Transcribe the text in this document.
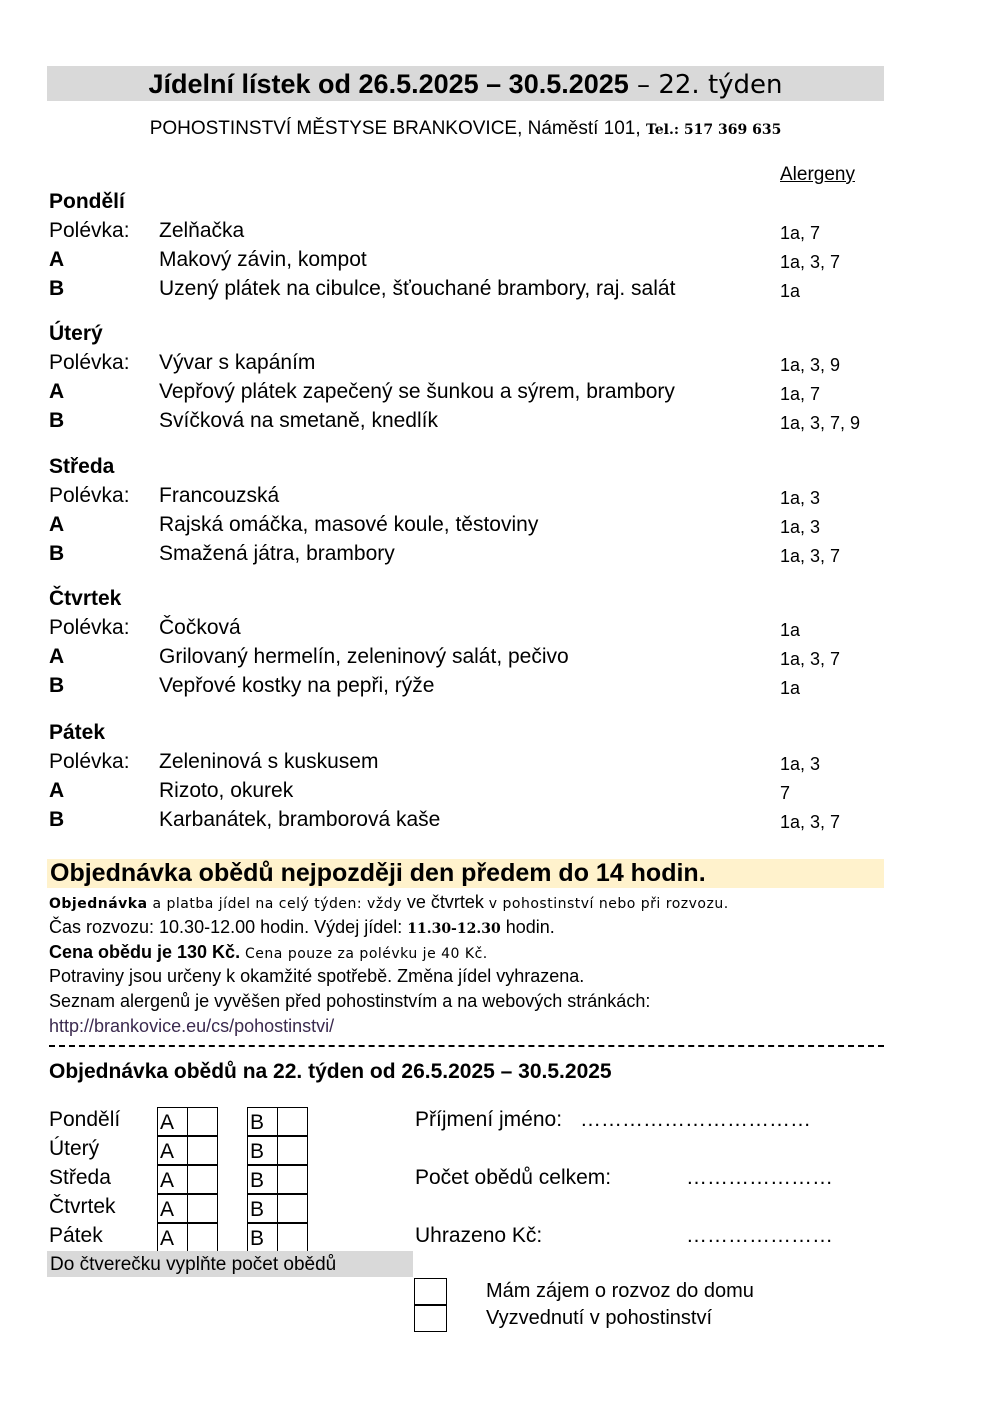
Jídelní lístek od 26.5.2025 – 30.5.2025 – 22. týden
POHOSTINSTVÍ MĚSTYSE BRANKOVICE, Náměstí 101, Tel.: 517 369 635
Alergeny
Pondělí
Polévka: Zelňačka	1a, 7
A	Makový závin, kompot	1a, 3, 7
B	Uzený plátek na cibulce, šťouchané brambory, raj. salát	1a
Úterý
Polévka: Vývar s kapáním	1a, 3, 9
A	Vepřový plátek zapečený se šunkou a sýrem, brambory	1a, 7
B	Svíčková na smetaně, knedlík	1a, 3, 7, 9
Středa
Polévka: Francouzská	1a, 3
A	Rajská omáčka, masové koule, těstoviny	1a, 3
B	Smažená játra, brambory	1a, 3, 7
Čtvrtek
Polévka: Čočková	1a
A	Grilovaný hermelín, zeleninový salát, pečivo	1a, 3, 7
B	Vepřové kostky na pepři, rýže	1a
Pátek
Polévka: Zeleninová s kuskusem	1a, 3
A	Rizoto, okurek	7
B	Karbanátek, bramborová kaše	1a, 3, 7
Objednávka obědů nejpozději den předem do 14 hodin.
Objednávka a platba jídel na celý týden: vždy ve čtvrtek v pohostinství nebo při rozvozu.
Čas rozvozu: 10.30-12.00 hodin. Výdej jídel: 11.30-12.30 hodin.
Cena obědu je 130 Kč. Cena pouze za polévku je 40 Kč.
Potraviny jsou určeny k okamžité spotřebě. Změna jídel vyhrazena.
Seznam alergenů je vyvěšen před pohostinstvím a na webových stránkách:
http://brankovice.eu/cs/pohostinstvi/
Objednávka obědů na 22. týden od 26.5.2025 – 30.5.2025
Pondělí A	B
Úterý	A	B
Středa A	B
Čtvrtek A	B
Pátek	A	B
Do čtverečku vyplňte počet obědů
Příjmení jméno: ……………………………
Počet obědů celkem:	…………………
Uhrazeno Kč:	…………………
Mám zájem o rozvoz do domu
Vyzvednutí v pohostinství
